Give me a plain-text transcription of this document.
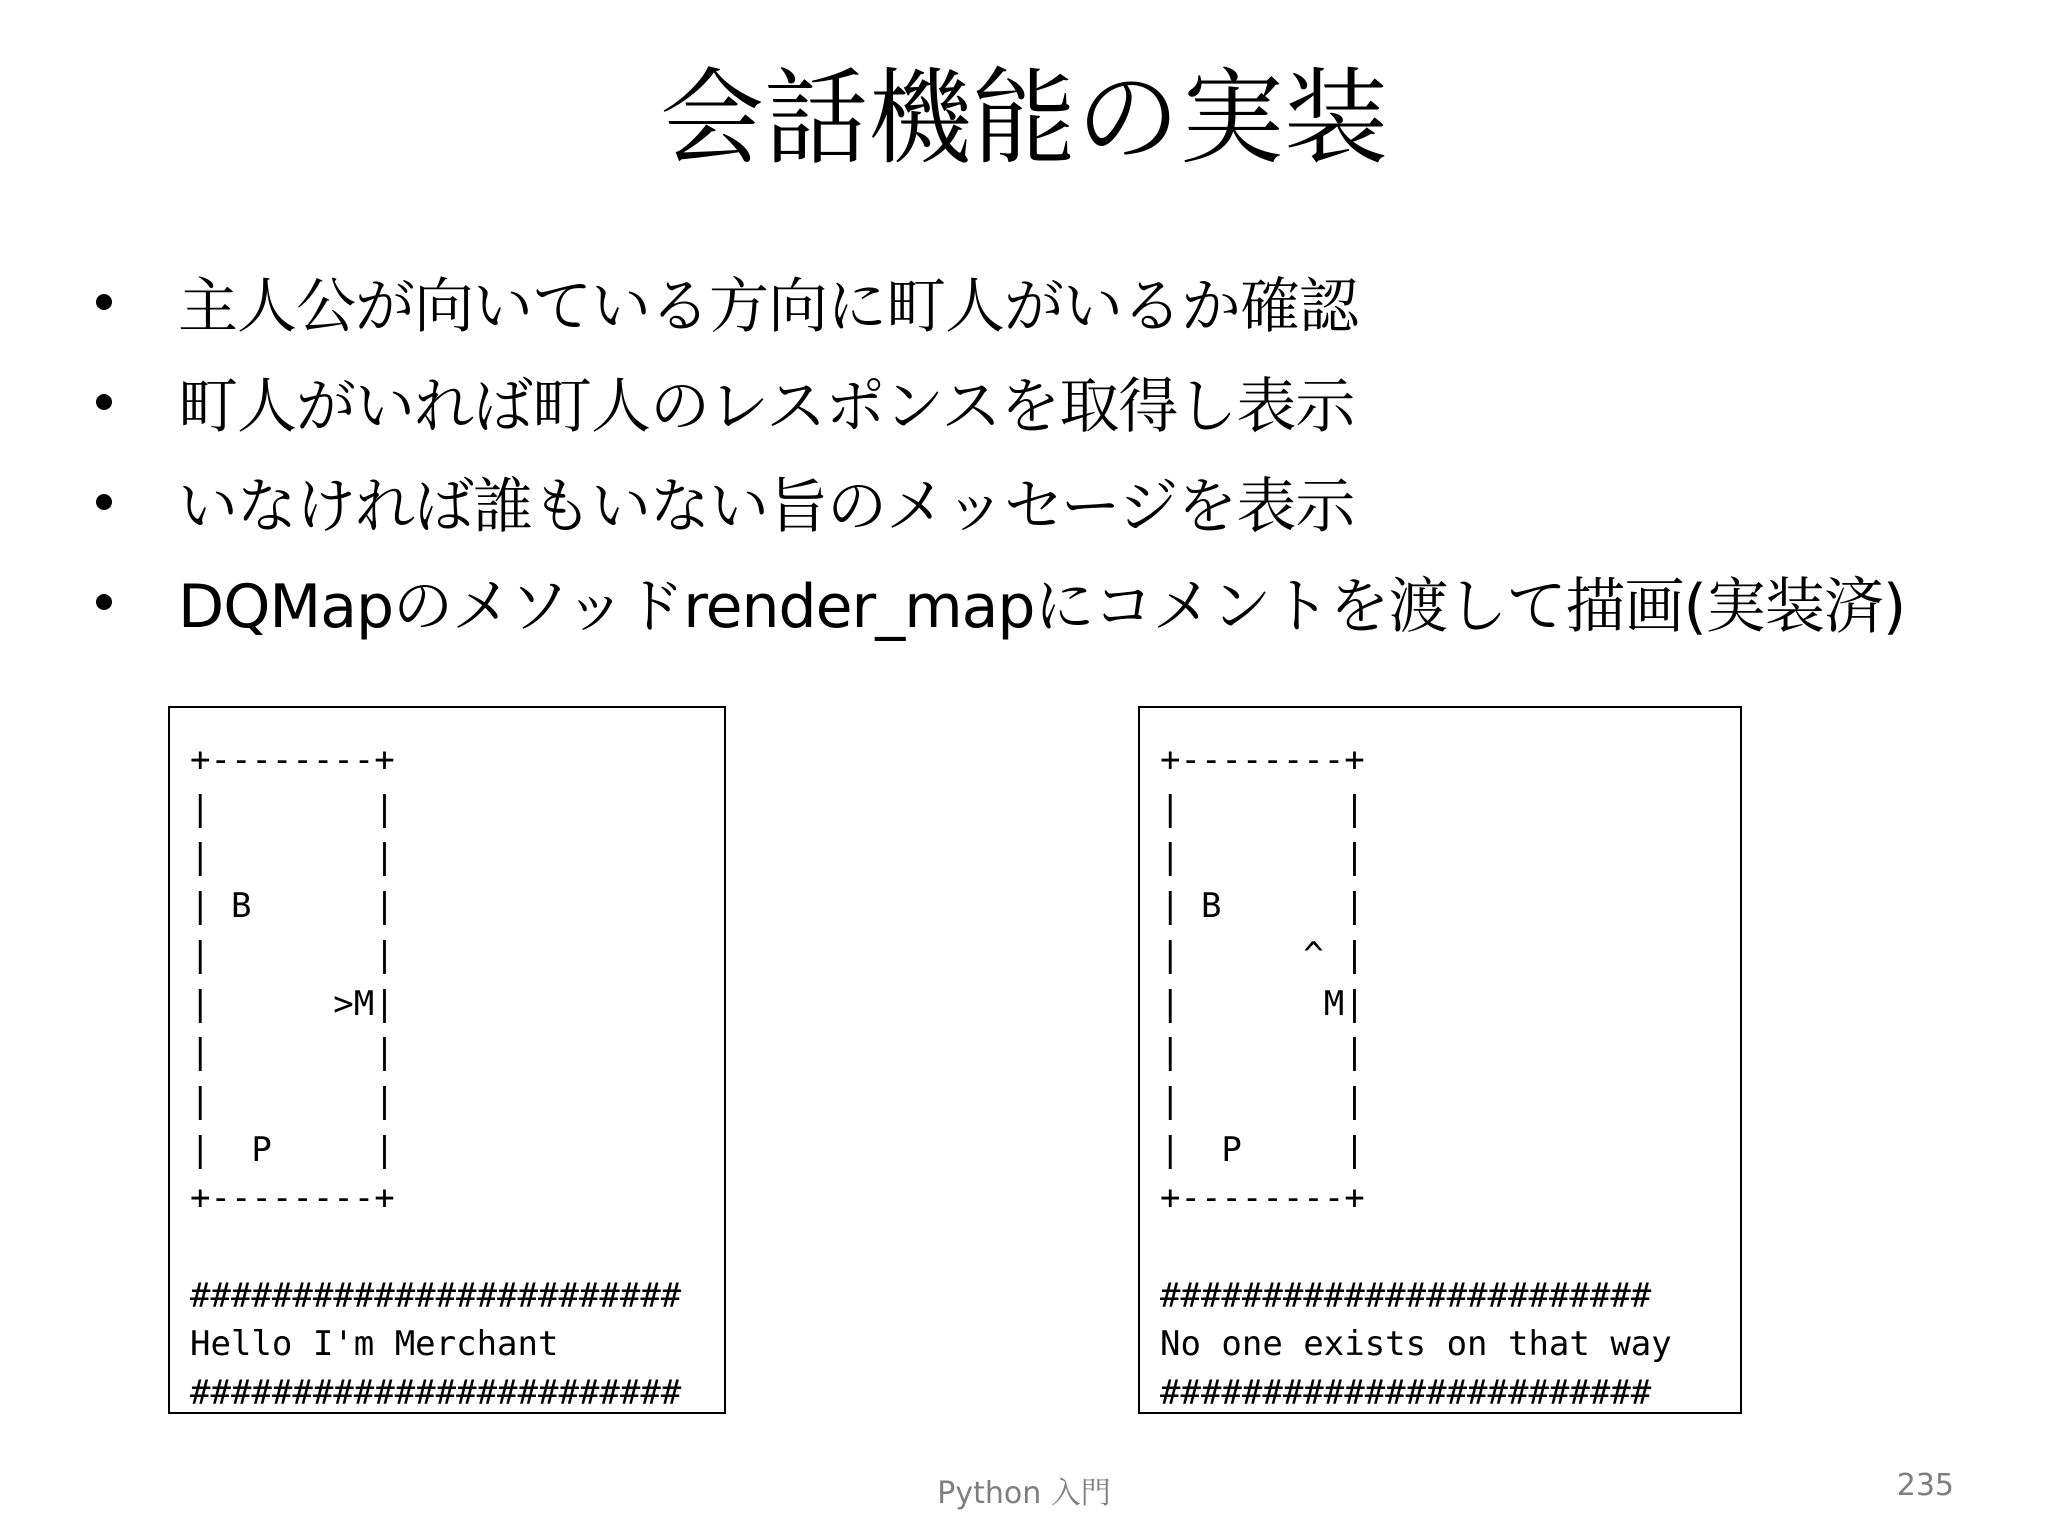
会話機能の実装
主人公が向いている方向に町人がいるか確認
町人がいれば町人のレスポンスを取得し表示
いなければ誰もいない旨のメッセージを表示
DQMapのメソッドrender_mapにコメントを渡して描画(実装済)
+--------+
|        |
|        |
| B      |
|        |
|      >M|
|        |
|        |
|  P     |
+--------+

########################
Hello I'm Merchant
########################
+--------+
|        |
|        |
| B      |
|      ^ |
|       M|
|        |
|        |
|  P     |
+--------+

########################
No one exists on that way
########################
Python 入門	235
